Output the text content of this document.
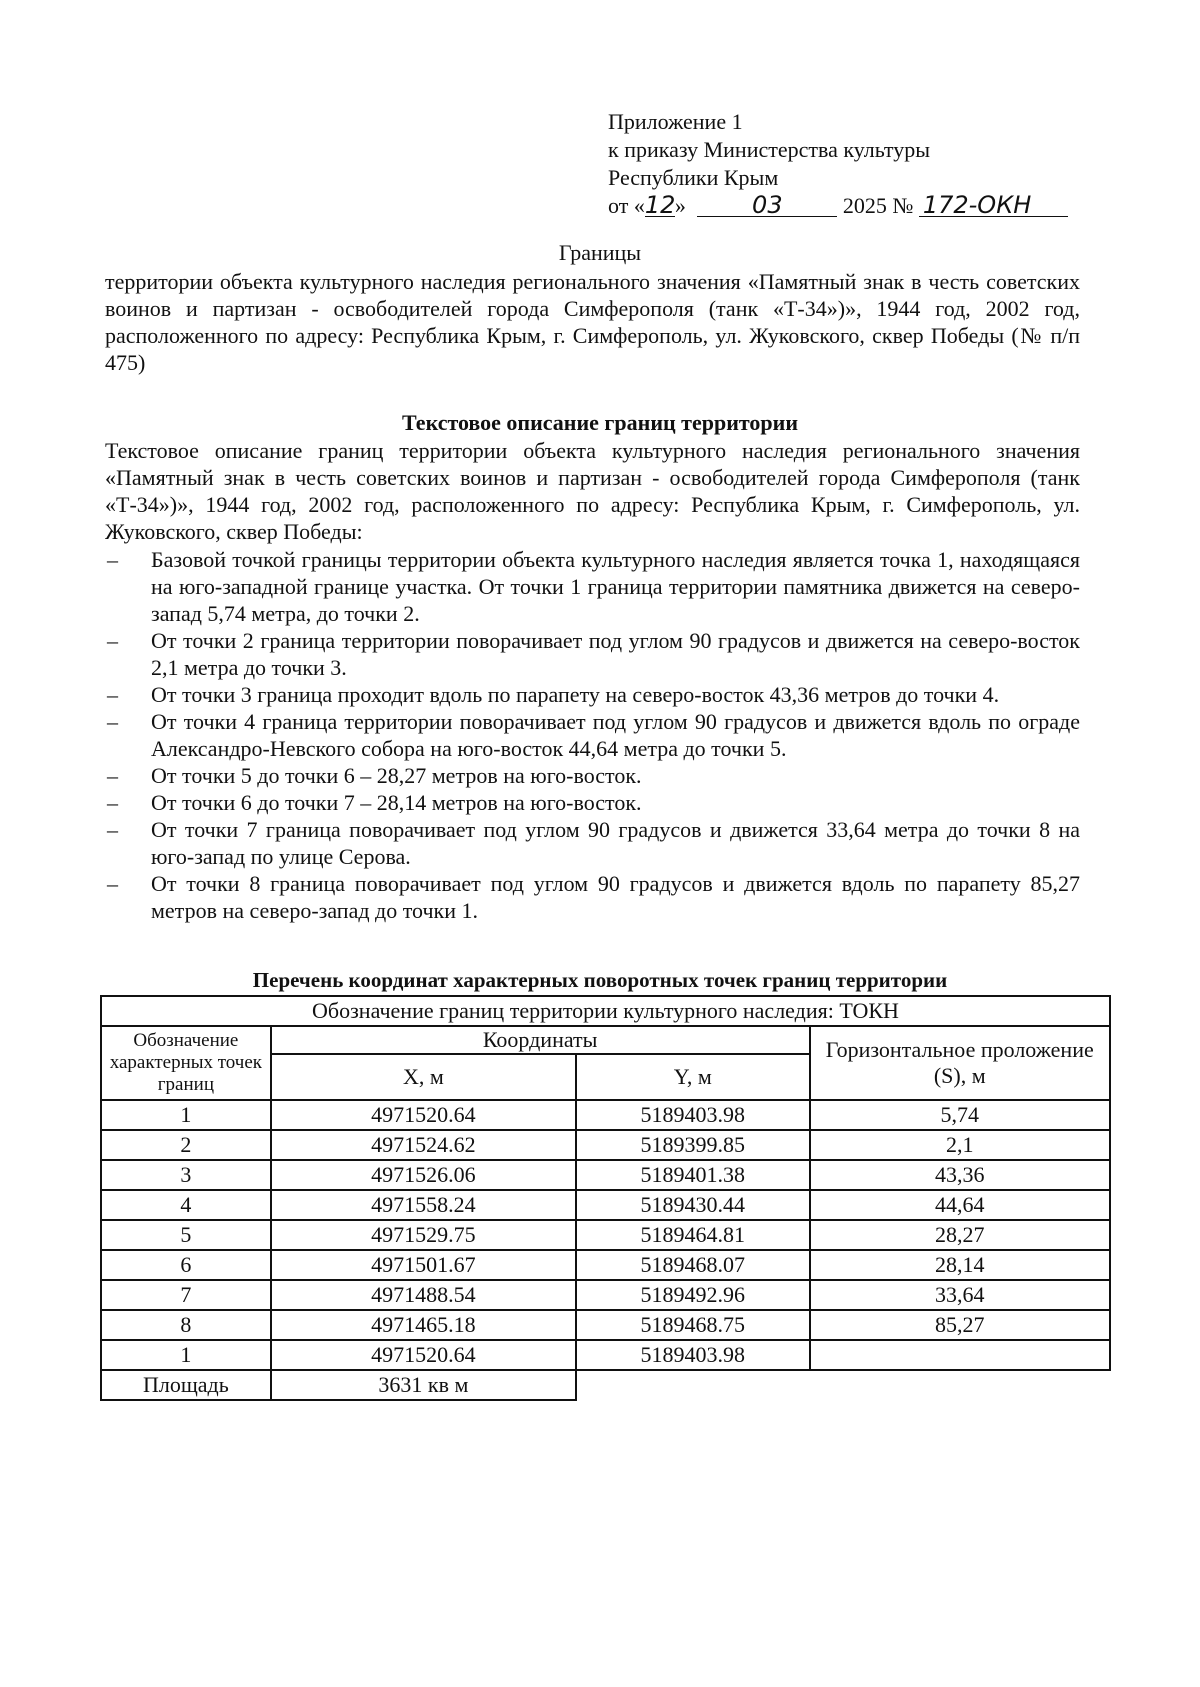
Приложение 1
к приказу Министерства культуры
Республики Крым
от «12»	03	2025 № 172-ОКН
Границы
территории объекта культурного наследия регионального значения «Памятный знак в честь советских воинов и партизан - освободителей города Симферополя (танк «Т-34»)», 1944 год, 2002 год, расположенного по адресу: Республика Крым, г. Симферополь, ул. Жуковского, сквер Победы (№ п/п 475)
Текстовое описание границ территории
Текстовое описание границ территории объекта культурного наследия регионального значения «Памятный знак в честь советских воинов и партизан - освободителей города Симферополя (танк «Т-34»)», 1944 год, 2002 год, расположенного по адресу: Республика Крым, г. Симферополь, ул. Жуковского, сквер Победы:
– Базовой точкой границы территории объекта культурного наследия является точка 1, находящаяся на юго-западной границе участка. От точки 1 граница территории памятника движется на северо-запад 5,74 метра, до точки 2.
– От точки 2 граница территории поворачивает под углом 90 градусов и движется на северо-восток 2,1 метра до точки 3.
– От точки 3 граница проходит вдоль по парапету на северо-восток 43,36 метров до точки 4.
– От точки 4 граница территории поворачивает под углом 90 градусов и движется вдоль по ограде Александро-Невского собора на юго-восток 44,64 метра до точки 5.
– От точки 5 до точки 6 – 28,27 метров на юго-восток.
– От точки 6 до точки 7 – 28,14 метров на юго-восток.
– От точки 7 граница поворачивает под углом 90 градусов и движется 33,64 метра до точки 8 на юго-запад по улице Серова.
– От точки 8 граница поворачивает под углом 90 градусов и движется вдоль по парапету 85,27 метров на северо-запад до точки 1.
Перечень координат характерных поворотных точек границ территории
Обозначение границ территории культурного наследия: ТОКН			
Обозначение характерных точек границ	Координаты		Горизонтальное проложение (S), м
	X, м	Y, м	
1	4971520.64	5189403.98	5,74
2	4971524.62	5189399.85	2,1
3	4971526.06	5189401.38	43,36
4	4971558.24	5189430.44	44,64
5	4971529.75	5189464.81	28,27
6	4971501.67	5189468.07	28,14
7	4971488.54	5189492.96	33,64
8	4971465.18	5189468.75	85,27
1	4971520.64	5189403.98	
Площадь	3631 кв м		
